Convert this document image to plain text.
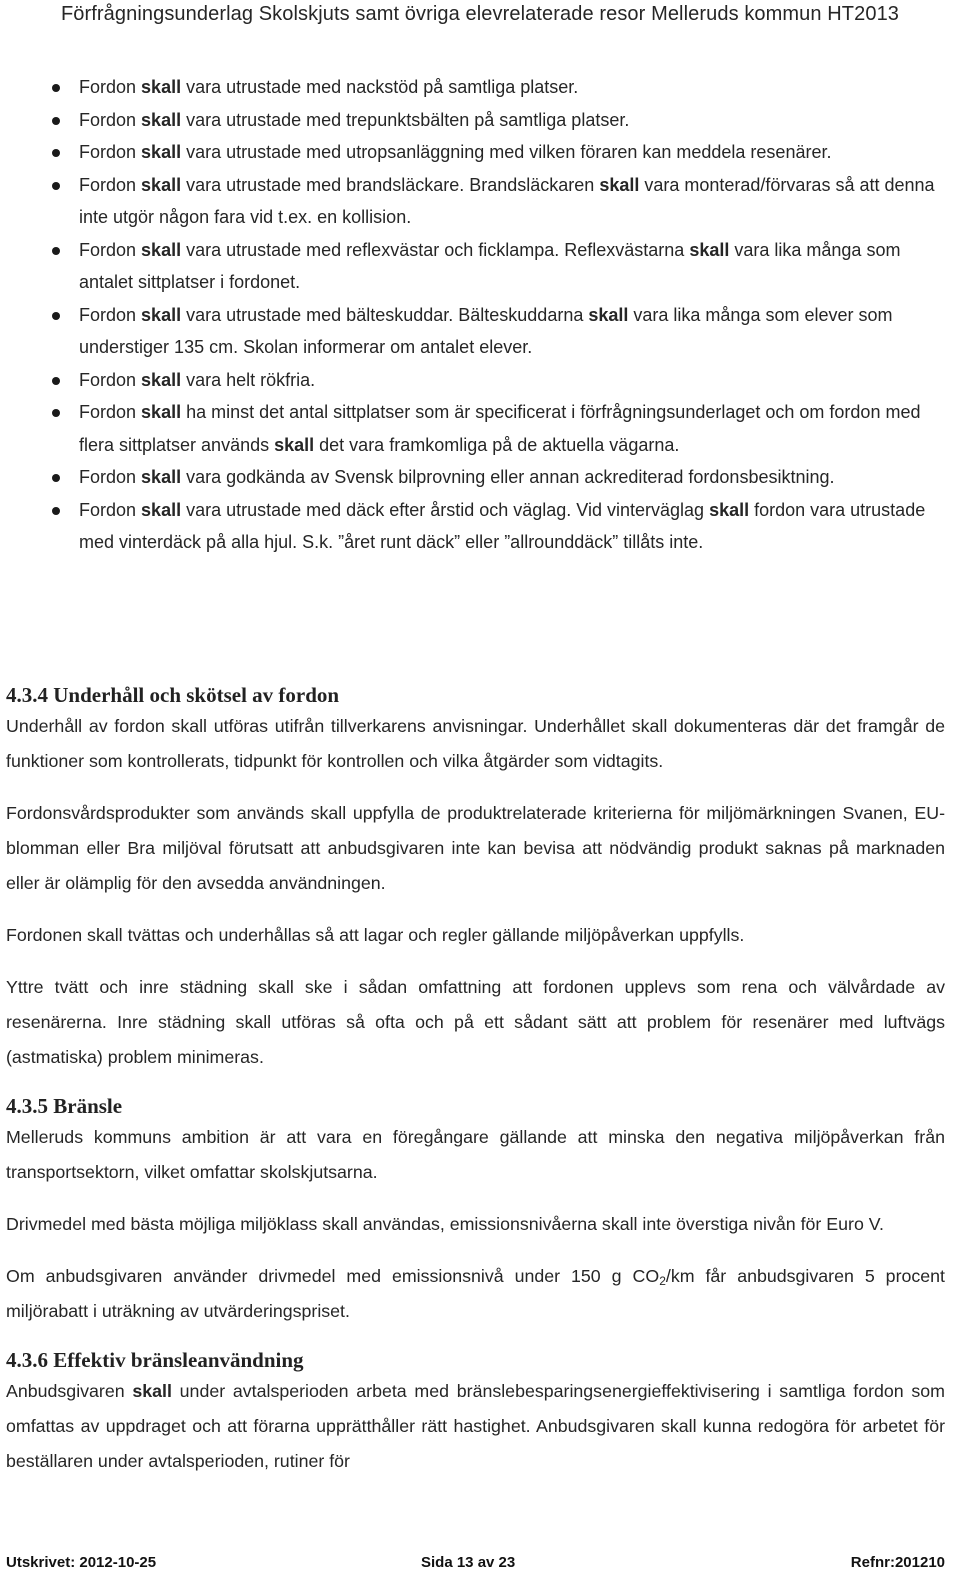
Förfrågningsunderlag Skolskjuts samt övriga elevrelaterade resor Melleruds kommun HT2013
Fordon skall vara utrustade med nackstöd på samtliga platser.
Fordon skall vara utrustade med trepunktsbälten på samtliga platser.
Fordon skall vara utrustade med utropsanläggning med vilken föraren kan meddela resenärer.
Fordon skall vara utrustade med brandsläckare. Brandsläckaren skall vara monterad/förvaras så att denna inte utgör någon fara vid t.ex. en kollision.
Fordon skall vara utrustade med reflexvästar och ficklampa. Reflexvästarna skall vara lika många som antalet sittplatser i fordonet.
Fordon skall vara utrustade med bälteskuddar. Bälteskuddarna skall vara lika många som elever som understiger 135 cm. Skolan informerar om antalet elever.
Fordon skall vara helt rökfria.
Fordon skall ha minst det antal sittplatser som är specificerat i förfrågningsunderlaget och om fordon med flera sittplatser används skall det vara framkomliga på de aktuella vägarna.
Fordon skall vara godkända av Svensk bilprovning eller annan ackrediterad fordonsbesiktning.
Fordon skall vara utrustade med däck efter årstid och väglag. Vid vinterväglag skall fordon vara utrustade med vinterdäck på alla hjul. S.k. ”året runt däck” eller ”allrounddäck” tillåts inte.
4.3.4 Underhåll och skötsel av fordon

Underhåll av fordon skall utföras utifrån tillverkarens anvisningar. Underhållet skall dokumenteras där det framgår de funktioner som kontrollerats, tidpunkt för kontrollen och vilka åtgärder som vidtagits.

Fordonsvårdsprodukter som används skall uppfylla de produktrelaterade kriterierna för miljömärkningen Svanen, EU-blomman eller Bra miljöval förutsatt att anbudsgivaren inte kan bevisa att nödvändig produkt saknas på marknaden eller är olämplig för den avsedda användningen.

Fordonen skall tvättas och underhållas så att lagar och regler gällande miljöpåverkan uppfylls.

Yttre tvätt och inre städning skall ske i sådan omfattning att fordonen upplevs som rena och välvårdade av resenärerna. Inre städning skall utföras så ofta och på ett sådant sätt att problem för resenärer med luftvägs (astmatiska) problem minimeras.

4.3.5 Bränsle

Melleruds kommuns ambition är att vara en föregångare gällande att minska den negativa miljöpåverkan från transportsektorn, vilket omfattar skolskjutsarna.

Drivmedel med bästa möjliga miljöklass skall användas, emissionsnivåerna skall inte överstiga nivån för Euro V.

Om anbudsgivaren använder drivmedel med emissionsnivå under 150 g $CO_2/km$ får anbudsgivaren 5 procent miljörabatt i uträkning av utvärderingspriset.

4.3.6 Effektiv bränsleanvändning

Anbudsgivaren skall under avtalsperioden arbeta med bränslebesparingsenergieffektivisering i samtliga fordon som omfattas av uppdraget och att förarna upprätthåller rätt hastighet. Anbudsgivaren skall kunna redogöra för arbetet för beställaren under avtalsperioden, rutiner för

Utskrivet: 2012-10-25	Sida 13 av 23	Refnr:201210
